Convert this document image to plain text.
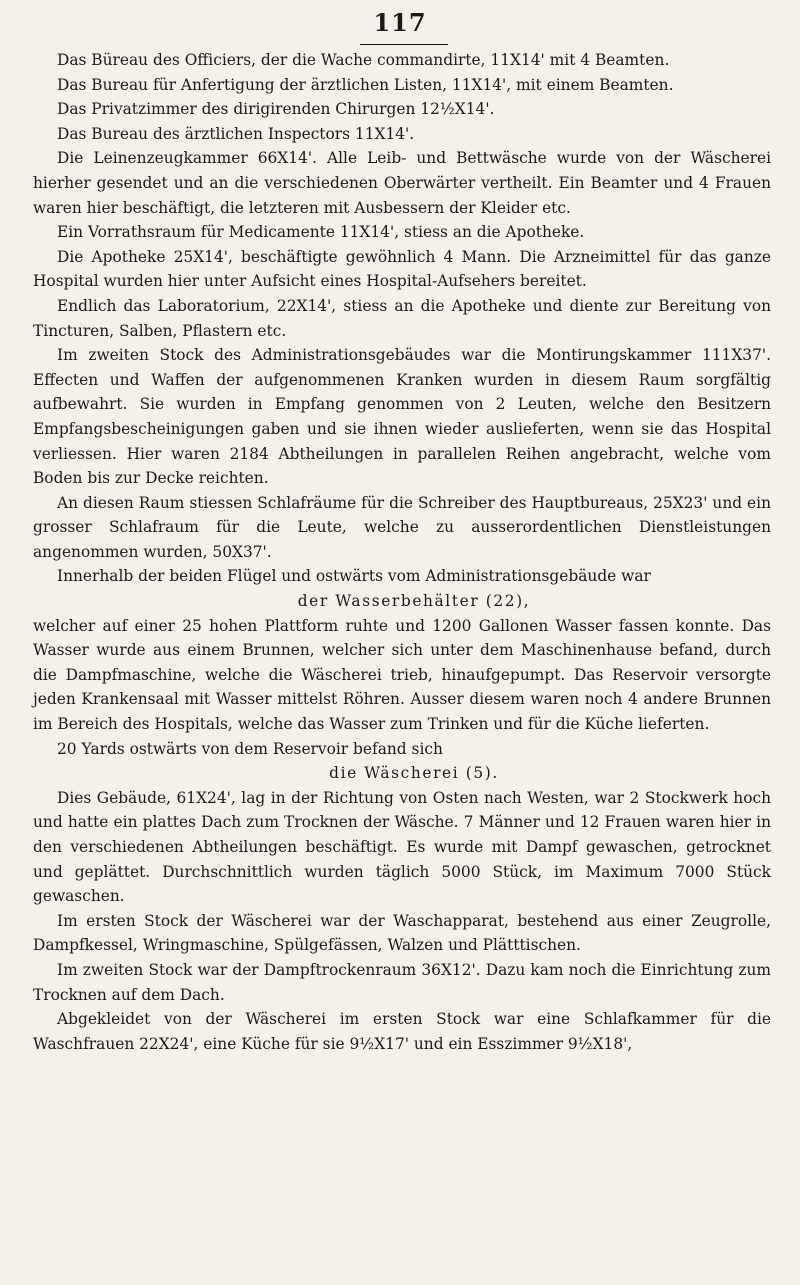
117

Das Büreau des Officiers, der die Wache commandirte, 11X14' mit 4 Beamten.

Das Bureau für Anfertigung der ärztlichen Listen, 11X14', mit einem Beamten.

Das Privatzimmer des dirigirenden Chirurgen 12½X14'.

Das Bureau des ärztlichen Inspectors 11X14'.

Die Leinenzeugkammer 66X14'. Alle Leib- und Bettwäsche wurde von der Wäscherei hierher gesendet und an die verschiedenen Oberwärter vertheilt. Ein Beamter und 4 Frauen waren hier beschäftigt, die letzteren mit Ausbessern der Kleider etc.

Ein Vorrathsraum für Medicamente 11X14', stiess an die Apotheke.

Die Apotheke 25X14', beschäftigte gewöhnlich 4 Mann. Die Arzneimittel für das ganze Hospital wurden hier unter Aufsicht eines Hospital-Aufsehers bereitet.

Endlich das Laboratorium, 22X14', stiess an die Apotheke und diente zur Bereitung von Tincturen, Salben, Pflastern etc.

Im zweiten Stock des Administrationsgebäudes war die Montirungskammer 111X37'. Effecten und Waffen der aufgenommenen Kranken wurden in diesem Raum sorgfältig aufbewahrt. Sie wurden in Empfang genommen von 2 Leuten, welche den Besitzern Empfangsbescheinigungen gaben und sie ihnen wieder auslieferten, wenn sie das Hospital verliessen. Hier waren 2184 Abtheilungen in parallelen Reihen angebracht, welche vom Boden bis zur Decke reichten.

An diesen Raum stiessen Schlafräume für die Schreiber des Hauptbureaus, 25X23' und ein grosser Schlafraum für die Leute, welche zu ausserordentlichen Dienstleistungen angenommen wurden, 50X37'.

Innerhalb der beiden Flügel und ostwärts vom Administrationsgebäude war

der Wasserbehälter (22),

welcher auf einer 25 hohen Plattform ruhte und 1200 Gallonen Wasser fassen konnte. Das Wasser wurde aus einem Brunnen, welcher sich unter dem Maschinenhause befand, durch die Dampfmaschine, welche die Wäscherei trieb, hinaufgepumpt. Das Reservoir versorgte jeden Krankensaal mit Wasser mittelst Röhren. Ausser diesem waren noch 4 andere Brunnen im Bereich des Hospitals, welche das Wasser zum Trinken und für die Küche lieferten.

20 Yards ostwärts von dem Reservoir befand sich

die Wäscherei (5).

Dies Gebäude, 61X24', lag in der Richtung von Osten nach Westen, war 2 Stockwerk hoch und hatte ein plattes Dach zum Trocknen der Wäsche. 7 Männer und 12 Frauen waren hier in den verschiedenen Abtheilungen beschäftigt. Es wurde mit Dampf gewaschen, getrocknet und geplättet. Durchschnittlich wurden täglich 5000 Stück, im Maximum 7000 Stück gewaschen.

Im ersten Stock der Wäscherei war der Waschapparat, bestehend aus einer Zeugrolle, Dampfkessel, Wringmaschine, Spülgefässen, Walzen und Plätttischen.

Im zweiten Stock war der Dampftrockenraum 36X12'. Dazu kam noch die Einrichtung zum Trocknen auf dem Dach.

Abgekleidet von der Wäscherei im ersten Stock war eine Schlafkammer für die Waschfrauen 22X24', eine Küche für sie 9½X17' und ein Esszimmer 9½X18',
